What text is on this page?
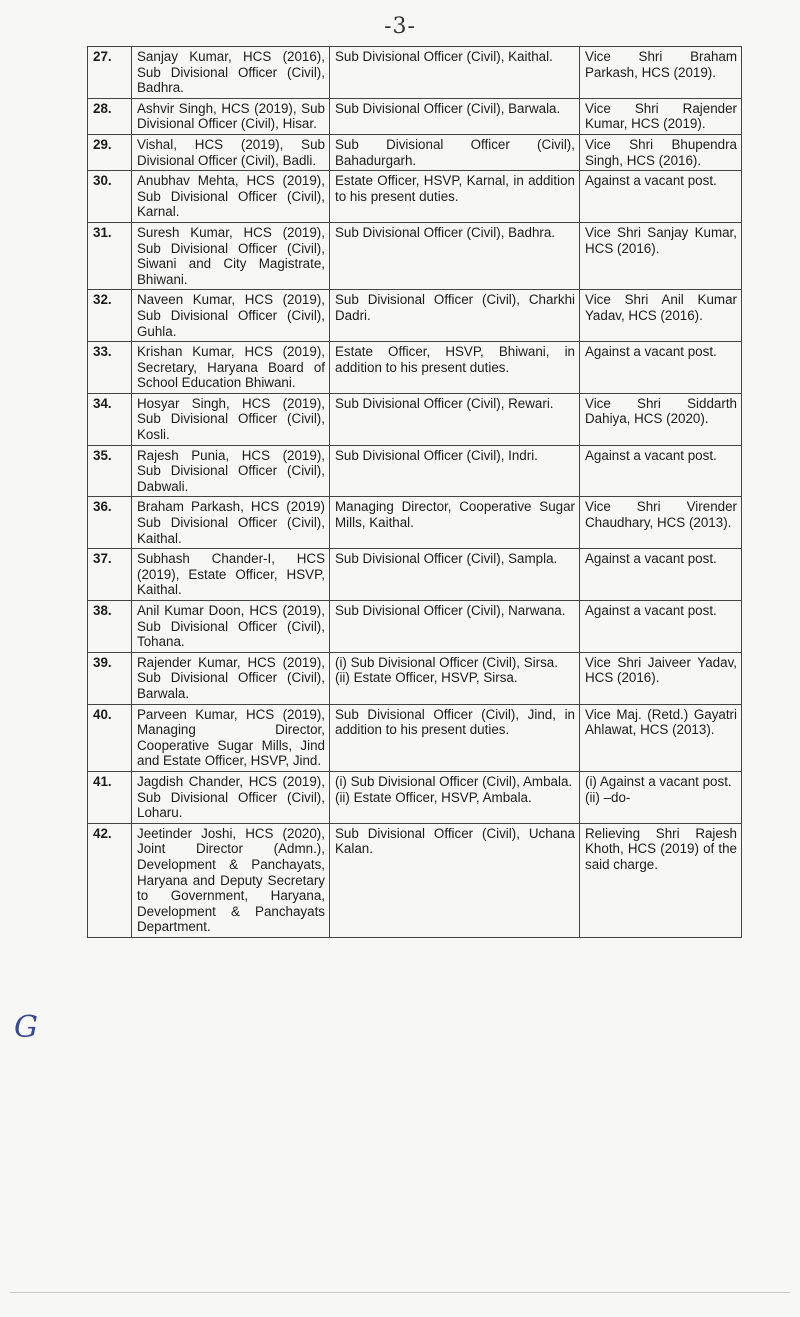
-3-
G
27.	Sanjay Kumar, HCS (2016), Sub Divisional Officer (Civil), Badhra.	Sub Divisional Officer (Civil), Kaithal.	Vice Shri Braham Parkash, HCS (2019).

28.	Ashvir Singh, HCS (2019), Sub Divisional Officer (Civil), Hisar.	Sub Divisional Officer (Civil), Barwala.	Vice Shri Rajender Kumar, HCS (2019).

29.	Vishal, HCS (2019), Sub Divisional Officer (Civil), Badli.	Sub Divisional Officer (Civil), Bahadurgarh.	Vice Shri Bhupendra Singh, HCS (2016).

30.	Anubhav Mehta, HCS (2019), Sub Divisional Officer (Civil), Karnal.	Estate Officer, HSVP, Karnal, in addition to his present duties.	Against a vacant post.

31.	Suresh Kumar, HCS (2019), Sub Divisional Officer (Civil), Siwani and City Magistrate, Bhiwani.	Sub Divisional Officer (Civil), Badhra.	Vice Shri Sanjay Kumar, HCS (2016).

32.	Naveen Kumar, HCS (2019), Sub Divisional Officer (Civil), Guhla.	Sub Divisional Officer (Civil), Charkhi Dadri.	Vice Shri Anil Kumar Yadav, HCS (2016).

33.	Krishan Kumar, HCS (2019), Secretary, Haryana Board of School Education Bhiwani.	Estate Officer, HSVP, Bhiwani, in addition to his present duties.	Against a vacant post.

34.	Hosyar Singh, HCS (2019), Sub Divisional Officer (Civil), Kosli.	Sub Divisional Officer (Civil), Rewari.	Vice Shri Siddarth Dahiya, HCS (2020).

35.	Rajesh Punia, HCS (2019), Sub Divisional Officer (Civil), Dabwali.	Sub Divisional Officer (Civil), Indri.	Against a vacant post.

36.	Braham Parkash, HCS (2019) Sub Divisional Officer (Civil), Kaithal.	Managing Director, Cooperative Sugar Mills, Kaithal.	Vice Shri Virender Chaudhary, HCS (2013).

37.	Subhash Chander-I, HCS (2019), Estate Officer, HSVP, Kaithal.	Sub Divisional Officer (Civil), Sampla.	Against a vacant post.

38.	Anil Kumar Doon, HCS (2019), Sub Divisional Officer (Civil), Tohana.	Sub Divisional Officer (Civil), Narwana.	Against a vacant post.

39.	Rajender Kumar, HCS (2019), Sub Divisional Officer (Civil), Barwala.	(i) Sub Divisional Officer (Civil), Sirsa.
(ii) Estate Officer, HSVP, Sirsa.	Vice Shri Jaiveer Yadav, HCS (2016).

40.	Parveen Kumar, HCS (2019), Managing Director, Cooperative Sugar Mills, Jind and Estate Officer, HSVP, Jind.	Sub Divisional Officer (Civil), Jind, in addition to his present duties.	Vice Maj. (Retd.) Gayatri Ahlawat, HCS (2013).

41.	Jagdish Chander, HCS (2019), Sub Divisional Officer (Civil), Loharu.	(i) Sub Divisional Officer (Civil), Ambala.
(ii) Estate Officer, HSVP, Ambala.	(i) Against a vacant post.
(ii) –do-

42.	Jeetinder Joshi, HCS (2020), Joint Director (Admn.), Development & Panchayats, Haryana and Deputy Secretary to Government, Haryana, Development & Panchayats Department.	Sub Divisional Officer (Civil), Uchana Kalan.	Relieving Shri Rajesh Khoth, HCS (2019) of the said charge.
